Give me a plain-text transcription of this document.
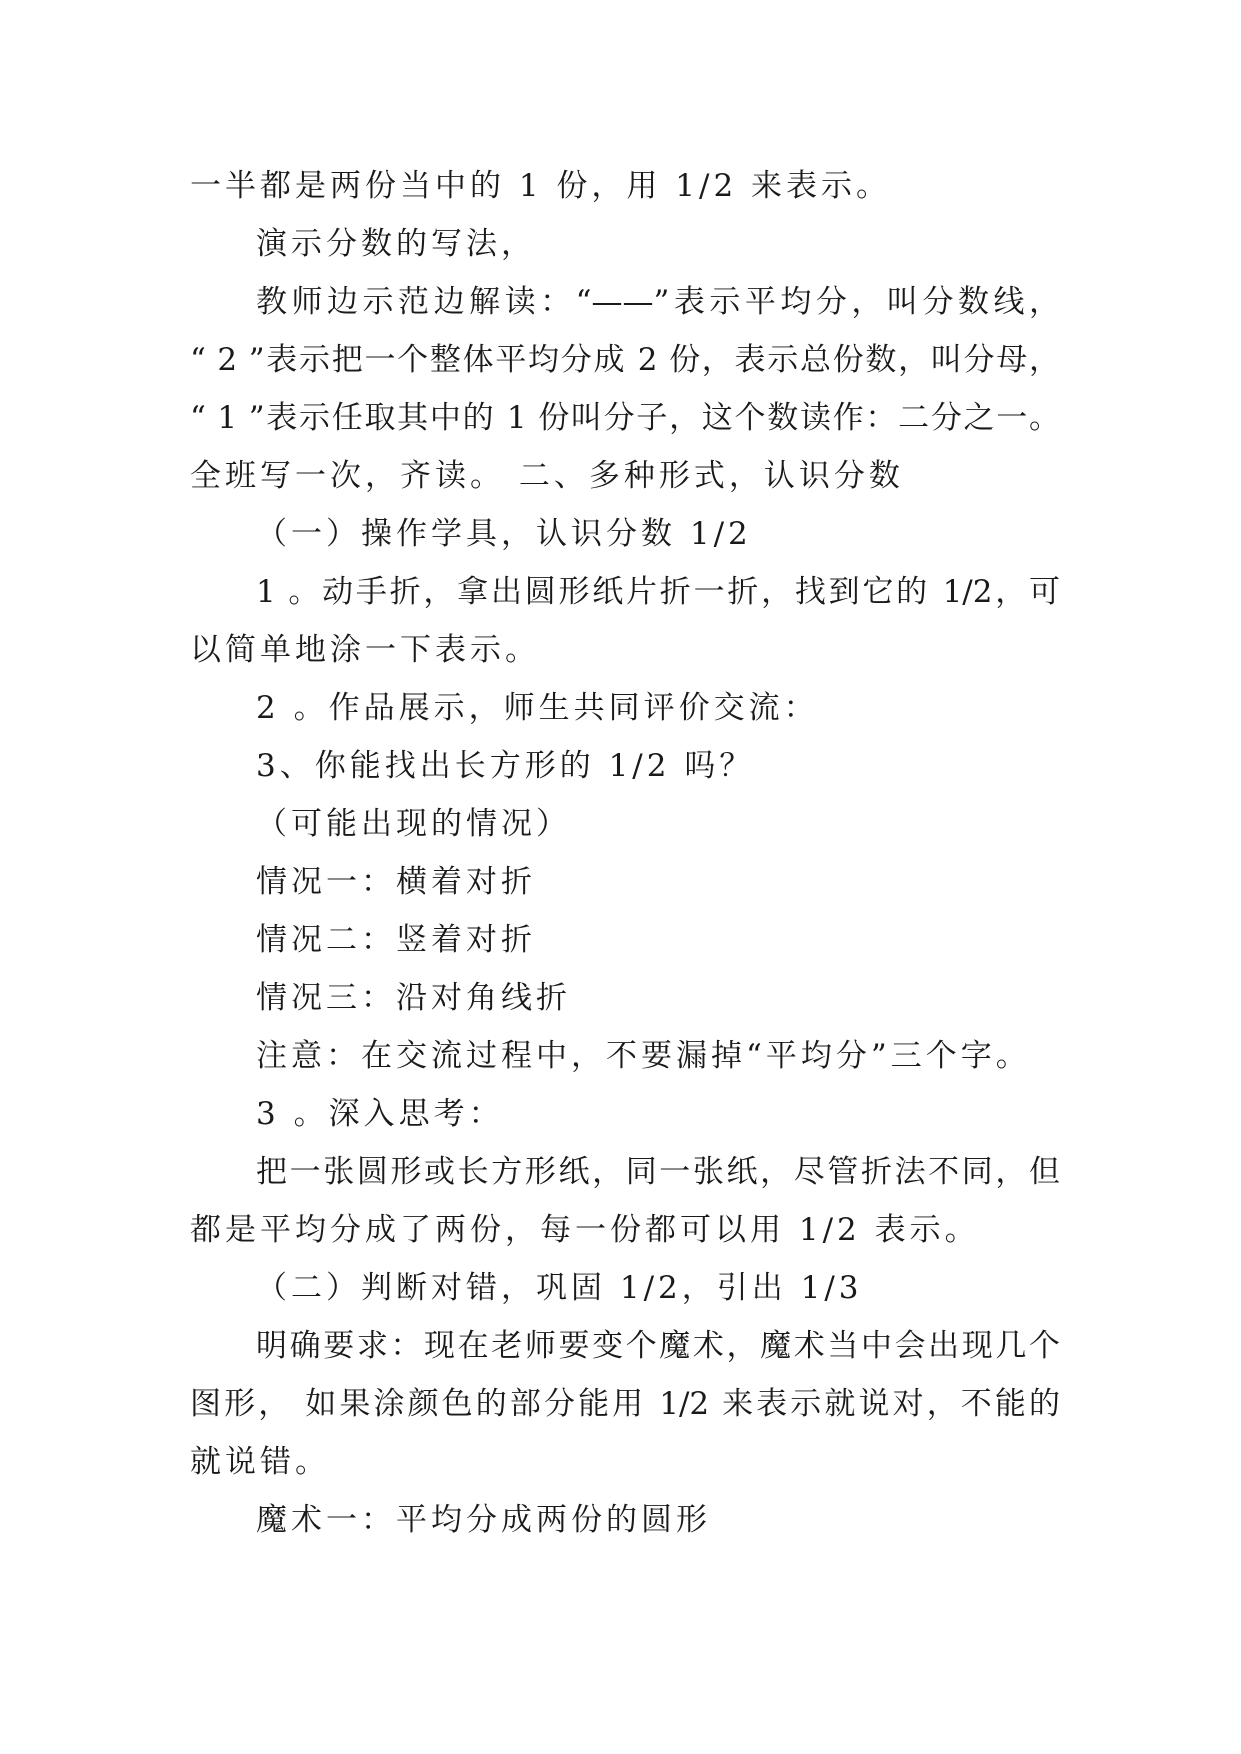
一半都是两份当中的 1 份，用 1/2 来表示。
演示分数的写法，
教师边示范边解读：“——”表示平均分，叫分数线，
“ 2 ”表示把一个整体平均分成 2 份，表示总份数，叫分母，
“ 1 ”表示任取其中的 1 份叫分子，这个数读作：二分之一。
全班写一次，齐读。 二、多种形式，认识分数
（一）操作学具，认识分数 1/2
1 。动手折，拿出圆形纸片折一折，找到它的 1/2，可
以简单地涂一下表示。
2 。作品展示，师生共同评价交流：
3、你能找出长方形的 1/2 吗？
（可能出现的情况）
情况一：横着对折
情况二：竖着对折
情况三：沿对角线折
注意：在交流过程中，不要漏掉“平均分”三个字。
3 。深入思考：
把一张圆形或长方形纸，同一张纸，尽管折法不同，但
都是平均分成了两份，每一份都可以用 1/2 表示。
（二）判断对错，巩固 1/2，引出 1/3
明确要求：现在老师要变个魔术，魔术当中会出现几个
图形， 如果涂颜色的部分能用 1/2 来表示就说对，不能的
就说错。
魔术一：平均分成两份的圆形
